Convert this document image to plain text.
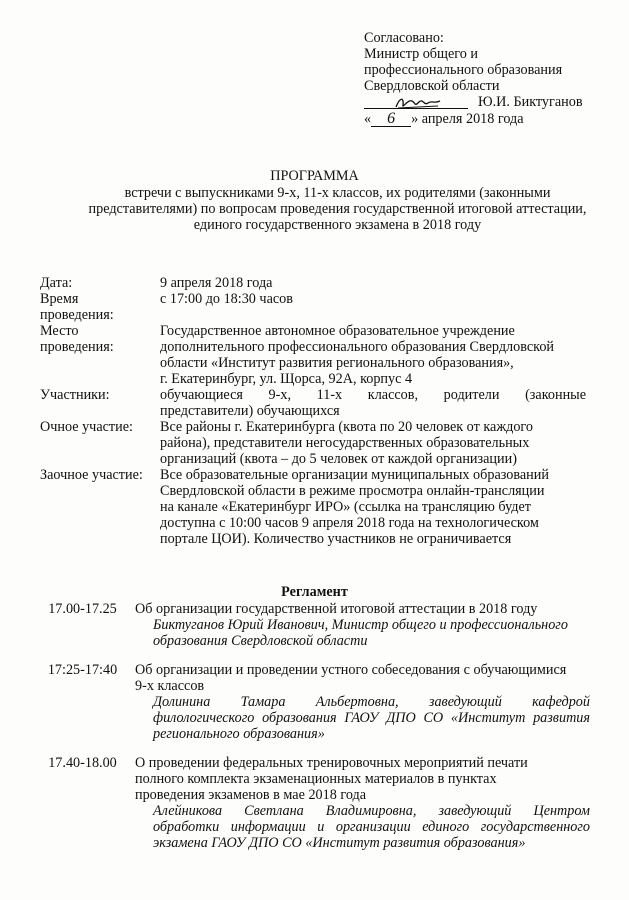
Согласовано:
Министр общего и
профессионального образования
Свердловской области
Ю.И. Биктуганов
« 6 » апреля 2018 года
ПРОГРАММА
встречи с выпускниками 9-х, 11-х классов, их родителями (законными
представителями) по вопросам проведения государственной итоговой аттестации,
единого государственного экзамена в 2018 году
Дата:	9 апреля 2018 года
Время проведения:
с 17:00 до 18:30 часов
Место проведения:
Государственное автономное образовательное учреждение
дополнительного профессионального образования Свердловской
области «Институт развития регионального образования»,
г. Екатеринбург, ул. Щорса, 92А, корпус 4
Участники:	обучающиеся 9-х, 11-х классов, родители (законные
представители) обучающихся
Очное участие:	Все районы г. Екатеринбурга (квота по 20 человек от каждого
района), представители негосударственных образовательных
организаций (квота – до 5 человек от каждой организации)
Заочное участие:	Все образовательные организации муниципальных образований
Свердловской области в режиме просмотра онлайн-трансляции
на канале «Екатеринбург ИРО» (ссылка на трансляцию будет
доступна с 10:00 часов 9 апреля 2018 года на технологическом
портале ЦОИ). Количество участников не ограничивается
Регламент
17.00-17.25	Об организации государственной итоговой аттестации в 2018 году
Биктуганов Юрий Иванович, Министр общего и профессионального
образования Свердловской области
17:25-17:40	Об организации и проведении устного собеседования с обучающимися
9-х классов
Долинина Тамара Альбертовна, заведующий кафедрой
филологического образования ГАОУ ДПО СО «Институт развития
регионального образования»
17.40-18.00	О проведении федеральных тренировочных мероприятий печати
полного комплекта экзаменационных материалов в пунктах
проведения экзаменов в мае 2018 года
Алейникова Светлана Владимировна, заведующий Центром
обработки информации и организации единого государственного
экзамена ГАОУ ДПО СО «Институт развития образования»
